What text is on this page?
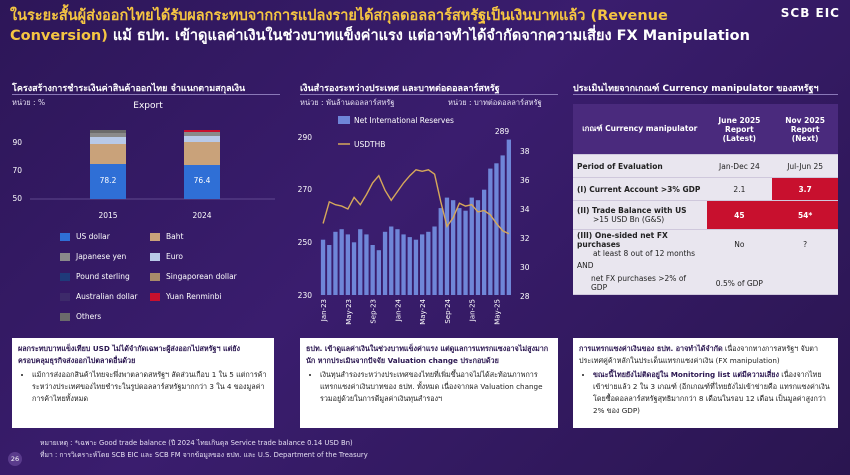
SCB EIC
ในระยะสั้นผู้ส่งออกไทยได้รับผลกระทบจากการแปลงรายได้สกุลดอลลาร์สหรัฐเป็นเงินบาทแล้ว (Revenue
Conversion) แม้ ธปท. เข้าดูแลค่าเงินในช่วงบาทแข็งค่าแรง แต่อาจทำได้จำกัดจากความเสี่ยง FX Manipulation
โครงสร้างการชำระเงินค่าสินค้าออกไทย จำแนกตามสกุลเงิน	เงินสำรองระหว่างประเทศ และบาทต่อดอลลาร์สหรัฐ	ประเมินไทยจากเกณฑ์ Currency manipulator ของสหรัฐฯ
หน่วย : %	Export
90
70
50
78.2	76.4
2015	2024
US dollar	Baht
Japanese yen	Euro
Pound sterling	Singaporean dollar
Australian dollar	Yuan Renminbi
Others
ผลกระทบบาทแข็งเทียบ USD ไม่ได้จำกัดเฉพาะผู้ส่งออกไปสหรัฐฯ แต่ยังครอบคลุมธุรกิจส่งออกไปตลาดอื่นด้วย
• แม้การส่งออกสินค้าไทยจะพึ่งพาตลาดสหรัฐฯ สัดส่วนเกือบ 1 ใน 5 แต่การค้าระหว่างประเทศของไทยชำระในรูปดอลลาร์สหรัฐมากกว่า 3 ใน 4 ของมูลค่าการค้าไทยทั้งหมด
หน่วย : พันล้านดอลลาร์สหรัฐ	หน่วย : บาทต่อดอลลาร์สหรัฐ
Net International Reserves
USDTHB
289
290
270
250
230
38
36
34
32
30
28
Jan-23 May-23 Sep-23 Jan-24 May-24 Sep-24 Jan-25 May-25
ธปท. เข้าดูแลค่าเงินในช่วงบาทแข็งค่าแรง แต่ดูแลการแทรกแซงอาจไม่สูงมากนัก หากประเมินจากปัจจัย Valuation change ประกอบด้วย
• เงินทุนสำรองระหว่างประเทศของไทยที่เพิ่มขึ้นอาจไม่ได้สะท้อนภาพการแทรกแซงค่าเงินบาทของ ธปท. ทั้งหมด เนื่องจากผล Valuation change รวมอยู่ด้วยในการดีมูลค่าเงินทุนสำรองฯ
เกณฑ์ Currency manipulator	June 2025 Report (Latest)	Nov 2025 Report (Next)
Period of Evaluation	Jan-Dec 24	Jul-Jun 25
(I) Current Account >3% GDP	2.1	3.7
(II) Trade Balance with US
>15 USD Bn (G&S)	45	54*
(III) One-sided net FX purchases
at least 8 out of 12 months	No	?
AND		
net FX purchases >2% of GDP	0.5% of GDP	
การแทรกแซงค่าเงินของ ธปท. อาจทำได้จำกัด เนื่องจากทางการสหรัฐฯ จับตาประเทศคู่ค้าหลักในประเด็นแทรกแซงค่าเงิน (FX manipulation)
• ขณะนี้ไทยยังไม่ติดอยู่ใน Monitoring list แต่มีความเสี่ยง เนื่องจากไทยเข้าข่ายแล้ว 2 ใน 3 เกณฑ์ (อีกเกณฑ์ที่ไทยยังไม่เข้าข่ายคือ แทรกแซงค่าเงินโดยซื้อดอลลาร์สหรัฐสุทธิมากกว่า 8 เดือนในรอบ 12 เดือน เป็นมูลค่าสูงกว่า 2% ของ GDP)
หมายเหตุ : *เฉพาะ Good trade balance (ปี 2024 ไทยเกินดุล Service trade balance 0.14 USD Bn)
ที่มา : การวิเคราะห์โดย SCB EIC และ SCB FM จากข้อมูลของ ธปท. และ U.S. Department of the Treasury
26
